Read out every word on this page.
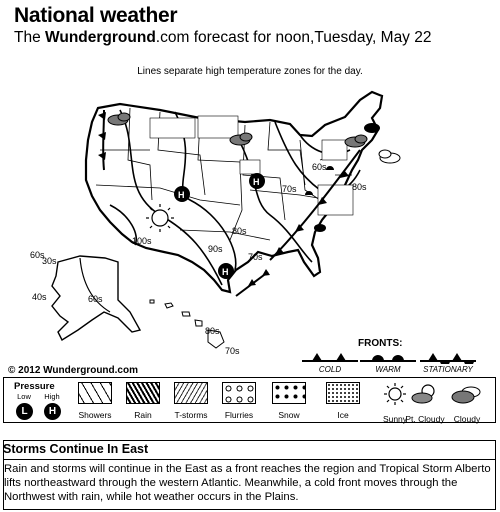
National weather
The Wunderground.com forecast for noon,Tuesday, May 22
Lines separate high temperature zones for the day.
60s
70s
80s
90s
100s
60s	70s
80s
30s
40s	60s
80s
70s
H
H
H
© 2012 Wunderground.com
FRONTS:
COLD	WARM	STATIONARY
Pressure
Low	High
L	H	Showers	Rain	T-storms	Flurries	Snow	Ice	Sunny
Pt. Cloudy	Cloudy
Storms Continue In East
Rain and storms will continue in the East as a front reaches the region and Tropical Storm Alberto lifts northeastward through the western Atlantic. Meanwhile, a cold front moves through the Northwest with rain, while hot weather occurs in the Plains.
